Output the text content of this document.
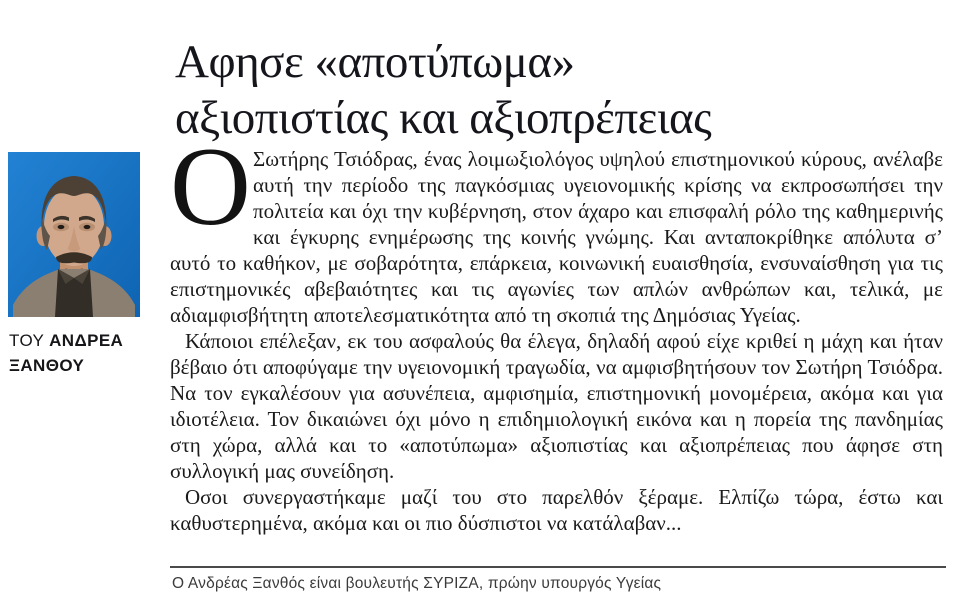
Αφησε «αποτύπωμα»
αξιοπιστίας και αξιοπρέπειας
ΤΟΥ ΑΝΔΡΕΑ ΞΑΝΘΟΥ

Ο Σωτήρης Τσιόδρας, ένας λοιμωξιολόγος υψηλού επιστημονικού κύρους, ανέλαβε αυτή την περίοδο της παγκόσμιας υγειονομικής κρίσης να εκπροσωπήσει την πολιτεία και όχι την κυβέρνηση, στον άχαρο και επισφαλή ρόλο της καθημερινής και έγκυρης ενημέρωσης της κοινής γνώμης. Και ανταποκρίθηκε απόλυτα σ’ αυτό το καθήκον, με σοβαρότητα, επάρκεια, κοινωνική ευαισθησία, ενσυναίσθηση για τις επιστημονικές αβεβαιότητες και τις αγωνίες των απλών ανθρώπων και, τελικά, με αδιαμφισβήτητη αποτελεσματικότητα από τη σκοπιά της Δημόσιας Υγείας.

Κάποιοι επέλεξαν, εκ του ασφαλούς θα έλεγα, δηλαδή αφού είχε κριθεί η μάχη και ήταν βέβαιο ότι αποφύγαμε την υγειονομική τραγωδία, να αμφισβητήσουν τον Σωτήρη Τσιόδρα. Να τον εγκαλέσουν για ασυνέπεια, αμφισημία, επιστημονική μονομέρεια, ακόμα και για ιδιοτέλεια. Τον δικαιώνει όχι μόνο η επιδημιολογική εικόνα και η πορεία της πανδημίας στη χώρα, αλλά και το «αποτύπωμα» αξιοπιστίας και αξιοπρέπειας που άφησε στη συλλογική μας συνείδηση.

Οσοι συνεργαστήκαμε μαζί του στο παρελθόν ξέραμε. Ελπίζω τώρα, έστω και καθυστερημένα, ακόμα και οι πιο δύσπιστοι να κατάλαβαν...

Ο Ανδρέας Ξανθός είναι βουλευτής ΣΥΡΙΖΑ, πρώην υπουργός Υγείας
